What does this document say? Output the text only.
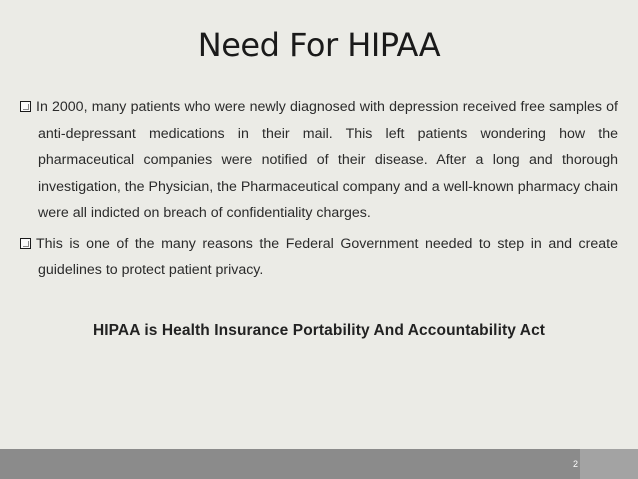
Need For HIPAA
In 2000, many patients who were newly diagnosed with depression received free samples of anti-depressant medications in their mail. This left patients wondering how the pharmaceutical companies were notified of their disease. After a long and thorough investigation, the Physician, the Pharmaceutical company and a well-known pharmacy chain were all indicted on breach of confidentiality charges.
This is one of the many reasons the Federal Government needed to step in and create guidelines to protect patient privacy.
HIPAA is Health Insurance Portability And Accountability Act
2
